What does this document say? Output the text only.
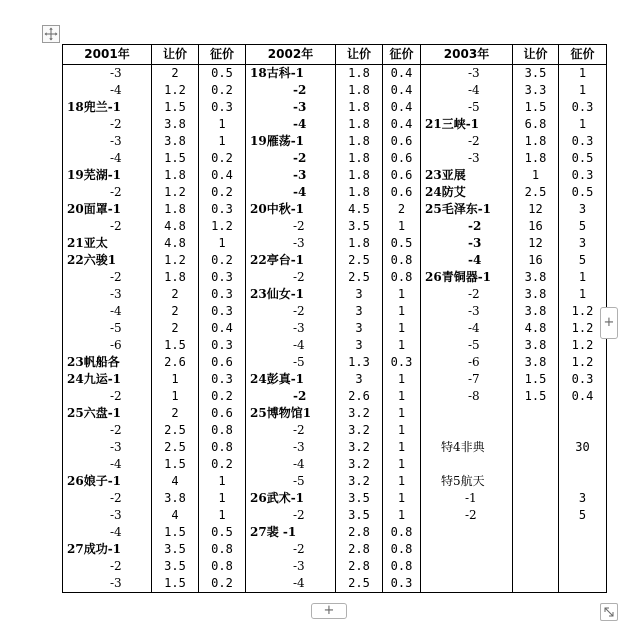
2001年	让价	征价	2002年	让价	征价	2003年	让价	征价
-3	2	0.5	18古科-1	1.8	0.4	-3	3.5	1
-4	1.2	0.2	-2	1.8	0.4	-4	3.3	1
18兜兰-1	1.5	0.3	-3	1.8	0.4	-5	1.5	0.3
-2	3.8	1	-4	1.8	0.4	21三峡-1	6.8	1
-3	3.8	1	19雁荡-1	1.8	0.6	-2	1.8	0.3
-4	1.5	0.2	-2	1.8	0.6	-3	1.8	0.5
19芜湖-1	1.8	0.4	-3	1.8	0.6	23亚展	1	0.3
-2	1.2	0.2	-4	1.8	0.6	24防艾	2.5	0.5
20面罩-1	1.8	0.3	20中秋-1	4.5	2	25毛泽东-1	12	3
-2	4.8	1.2	-2	3.5	1	-2	16	5
21亚太	4.8	1	-3	1.8	0.5	-3	12	3
22六骏1	1.2	0.2	22亭台-1	2.5	0.8	-4	16	5
-2	1.8	0.3	-2	2.5	0.8	26青铜器-1	3.8	1
-3	2	0.3	23仙女-1	3	1	-2	3.8	1
-4	2	0.3	-2	3	1	-3	3.8	1.2
-5	2	0.4	-3	3	1	-4	4.8	1.2
-6	1.5	0.3	-4	3	1	-5	3.8	1.2
23帆船各	2.6	0.6	-5	1.3	0.3	-6	3.8	1.2
24九运-1	1	0.3	24彭真-1	3	1	-7	1.5	0.3
-2	1	0.2	-2	2.6	1	-8	1.5	0.4
25六盘-1	2	0.6	25博物馆1	3.2	1			
-2	2.5	0.8	-2	3.2	1			
-3	2.5	0.8	-3	3.2	1	特4非典		30
-4	1.5	0.2	-4	3.2	1			
26娘子-1	4	1	-5	3.2	1	特5航天		
-2	3.8	1	26武术-1	3.5	1	-1		3
-3	4	1	-2	3.5	1	-2		5
-4	1.5	0.5	27裴 -1	2.8	0.8			
27成功-1	3.5	0.8	-2	2.8	0.8			
-2	3.5	0.8	-3	2.8	0.8			
-3	1.5	0.2	-4	2.5	0.3			
+
+
